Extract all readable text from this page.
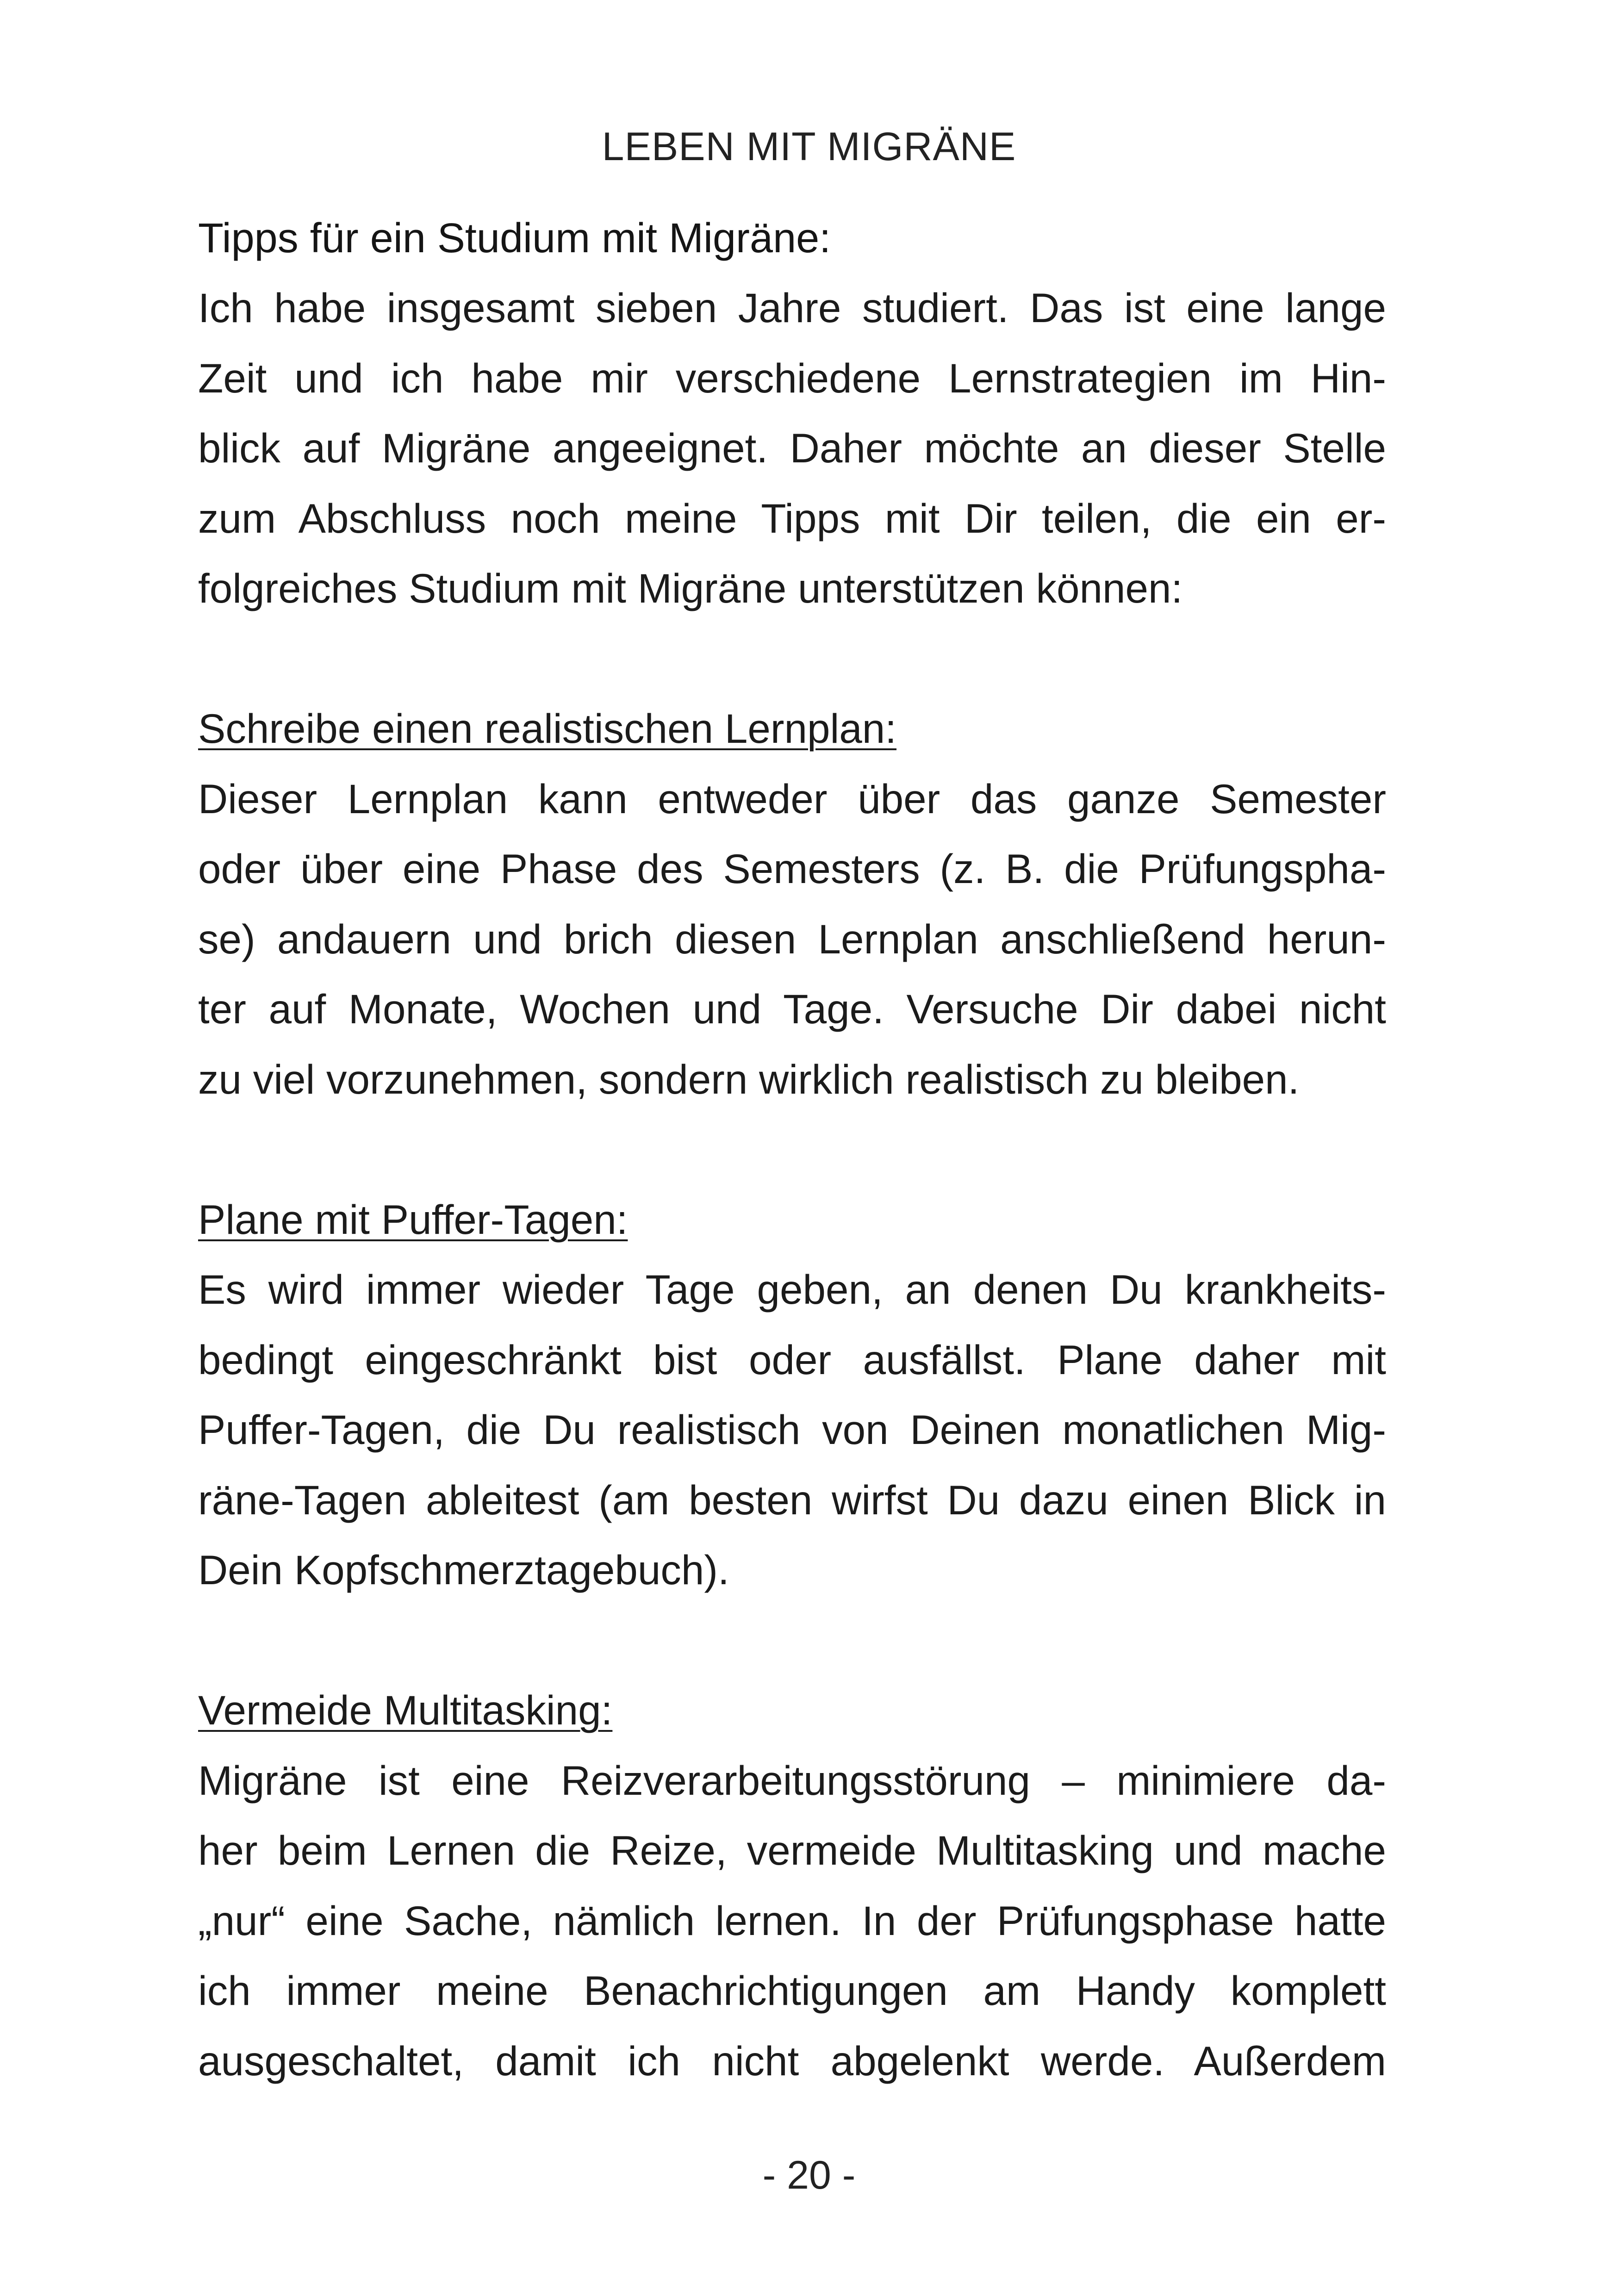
LEBEN MIT MIGRÄNE
Tipps für ein Studium mit Migräne:
Ich habe insgesamt sieben Jahre studiert. Das ist eine lange
Zeit und ich habe mir verschiedene Lernstrategien im Hin-
blick auf Migräne angeeignet. Daher möchte an dieser Stelle
zum Abschluss noch meine Tipps mit Dir teilen, die ein er-
folgreiches Studium mit Migräne unterstützen können:
Schreibe einen realistischen Lernplan:
Dieser Lernplan kann entweder über das ganze Semester
oder über eine Phase des Semesters (z. B. die Prüfungspha-
se) andauern und brich diesen Lernplan anschließend herun-
ter auf Monate, Wochen und Tage. Versuche Dir dabei nicht
zu viel vorzunehmen, sondern wirklich realistisch zu bleiben.
Plane mit Puffer-Tagen:
Es wird immer wieder Tage geben, an denen Du krankheits-
bedingt eingeschränkt bist oder ausfällst. Plane daher mit
Puffer-Tagen, die Du realistisch von Deinen monatlichen Mig-
räne-Tagen ableitest (am besten wirfst Du dazu einen Blick in
Dein Kopfschmerztagebuch).
Vermeide Multitasking:
Migräne ist eine Reizverarbeitungsstörung – minimiere da-
her beim Lernen die Reize, vermeide Multitasking und mache
„nur“ eine Sache, nämlich lernen. In der Prüfungsphase hatte
ich immer meine Benachrichtigungen am Handy komplett
ausgeschaltet, damit ich nicht abgelenkt werde. Außerdem
- 20 -
